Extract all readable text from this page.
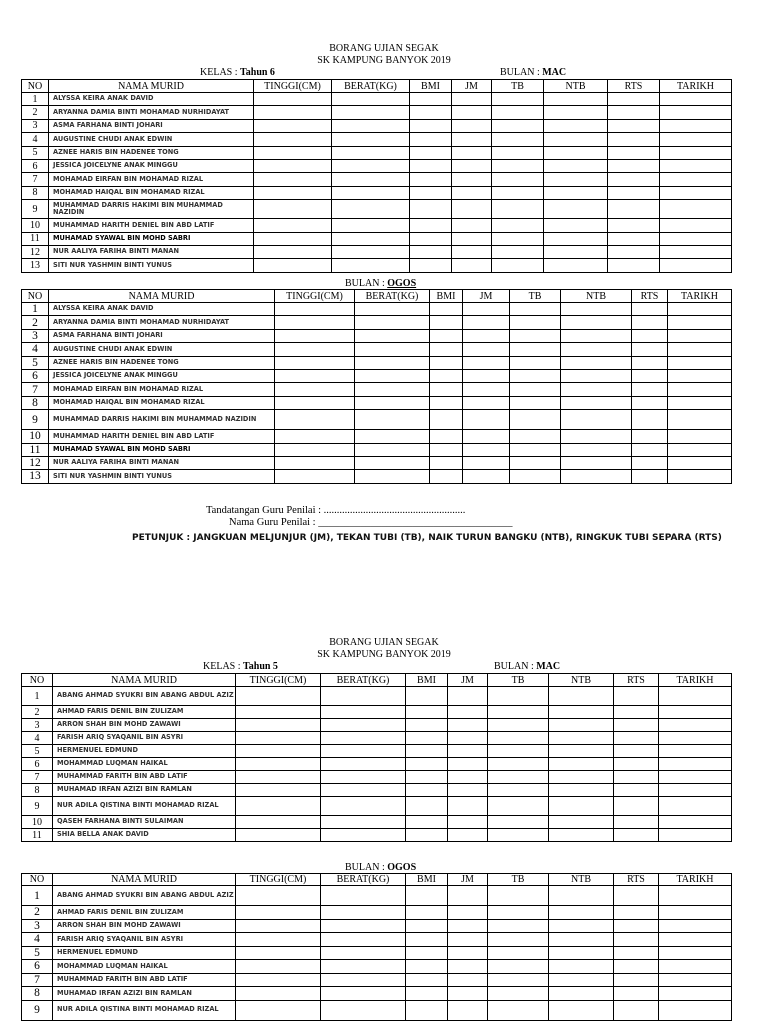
BORANG UJIAN SEGAK
SK KAMPUNG BANYOK 2019
KELAS : Tahun 6	BULAN : MAC
NO	NAMA MURID	TINGGI(CM)	BERAT(KG)	BMI	JM	TB	NTB	RTS	TARIKH
1	ALYSSA KEIRA ANAK DAVID								
2	ARYANNA DAMIA BINTI MOHAMAD NURHIDAYAT								
3	ASMA FARHANA BINTI JOHARI								
4	AUGUSTINE CHUDI ANAK EDWIN								
5	AZNEE HARIS BIN HADENEE TONG								
6	JESSICA JOICELYNE ANAK MINGGU								
7	MOHAMAD EIRFAN BIN MOHAMAD RIZAL								
8	MOHAMAD HAIQAL BIN MOHAMAD RIZAL								
9	MUHAMMAD DARRIS HAKIMI BIN MUHAMMAD NAZIDIN								
10	MUHAMMAD HARITH DENIEL BIN ABD LATIF								
11	MUHAMAD SYAWAL BIN MOHD SABRI								
12	NUR AALIYA FARIHA BINTI MANAN								
13	SITI NUR YASHMIN BINTI YUNUS								
BULAN : OGOS
NO	NAMA MURID	TINGGI(CM)	BERAT(KG)	BMI	JM	TB	NTB	RTS	TARIKH
1	ALYSSA KEIRA ANAK DAVID								
2	ARYANNA DAMIA BINTI MOHAMAD NURHIDAYAT								
3	ASMA FARHANA BINTI JOHARI								
4	AUGUSTINE CHUDI ANAK EDWIN								
5	AZNEE HARIS BIN HADENEE TONG								
6	JESSICA JOICELYNE ANAK MINGGU								
7	MOHAMAD EIRFAN BIN MOHAMAD RIZAL								
8	MOHAMAD HAIQAL BIN MOHAMAD RIZAL								
9	MUHAMMAD DARRIS HAKIMI BIN MUHAMMAD NAZIDIN								
10	MUHAMMAD HARITH DENIEL BIN ABD LATIF								
11	MUHAMAD SYAWAL BIN MOHD SABRI								
12	NUR AALIYA FARIHA BINTI MANAN								
13	SITI NUR YASHMIN BINTI YUNUS								
Tandatangan Guru Penilai : ......................................................
Nama Guru Penilai : _____________________________________
PETUNJUK : JANGKUAN MELJUNJUR (JM), TEKAN TUBI (TB), NAIK TURUN BANGKU (NTB), RINGKUK TUBI SEPARA (RTS)
BORANG UJIAN SEGAK
SK KAMPUNG BANYOK 2019
KELAS : Tahun 5	BULAN : MAC
NO	NAMA MURID	TINGGI(CM)	BERAT(KG)	BMI	JM	TB	NTB	RTS	TARIKH
1	ABANG AHMAD SYUKRI BIN ABANG ABDUL AZIZ								
2	AHMAD FARIS DENIL BIN ZULIZAM								
3	ARRON SHAH BIN MOHD ZAWAWI								
4	FARISH ARIQ SYAQANIL BIN ASYRI								
5	HERMENUEL EDMUND								
6	MOHAMMAD LUQMAN HAIKAL								
7	MUHAMMAD FARITH BIN ABD LATIF								
8	MUHAMAD IRFAN AZIZI BIN RAMLAN								
9	NUR ADILA QISTINA BINTI MOHAMAD RIZAL								
10	QASEH FARHANA BINTI SULAIMAN								
11	SHIA BELLA ANAK DAVID								
BULAN : OGOS
NO	NAMA MURID	TINGGI(CM)	BERAT(KG)	BMI	JM	TB	NTB	RTS	TARIKH
1	ABANG AHMAD SYUKRI BIN ABANG ABDUL AZIZ								
2	AHMAD FARIS DENIL BIN ZULIZAM								
3	ARRON SHAH BIN MOHD ZAWAWI								
4	FARISH ARIQ SYAQANIL BIN ASYRI								
5	HERMENUEL EDMUND								
6	MOHAMMAD LUQMAN HAIKAL								
7	MUHAMMAD FARITH BIN ABD LATIF								
8	MUHAMAD IRFAN AZIZI BIN RAMLAN								
9	NUR ADILA QISTINA BINTI MOHAMAD RIZAL								
